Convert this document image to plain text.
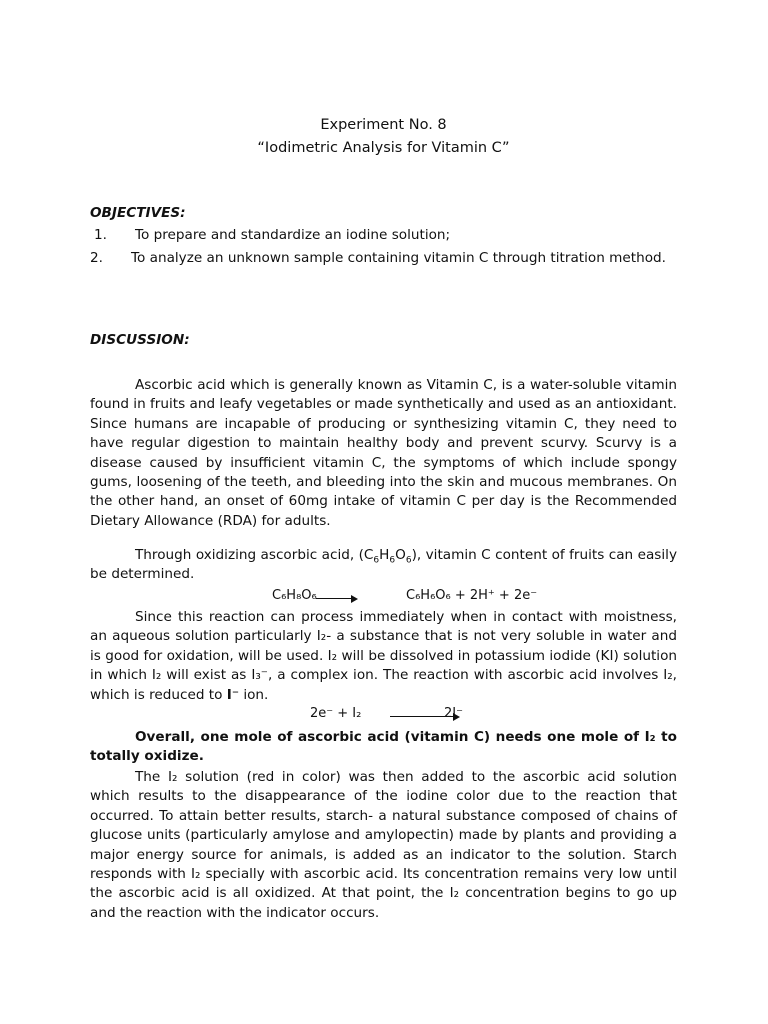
Experiment No. 8
“Iodimetric Analysis for Vitamin C”
OBJECTIVES:
1. To prepare and standardize an iodine solution;
2. To analyze an unknown sample containing vitamin C through titration method.
DISCUSSION:

Ascorbic acid which is generally known as Vitamin C, is a water-soluble vitamin found in fruits and leafy vegetables or made synthetically and used as an antioxidant. Since humans are incapable of producing or synthesizing vitamin C, they need to have regular digestion to maintain healthy body and prevent scurvy. Scurvy is a disease caused by insufficient vitamin C, the symptoms of which include spongy gums, loosening of the teeth, and bleeding into the skin and mucous membranes. On the other hand, an onset of 60mg intake of vitamin C per day is the Recommended Dietary Allowance (RDA) for adults.

Through oxidizing ascorbic acid, $(C_6H_6O_6)$, vitamin C content of fruits can easily be determined.

C₆H₈O₆ →	C₆H₆O₆ + 2H⁺ + 2e⁻

Since this reaction can process immediately when in contact with moistness, an aqueous solution particularly I₂- a substance that is not very soluble in water and is good for oxidation, will be used. I₂ will be dissolved in potassium iodide (KI) solution in which I₂ will exist as I₃⁻, a complex ion. The reaction with ascorbic acid involves I₂, which is reduced to I⁻ ion.

2e⁻ + I₂	2I⁻

Overall, one mole of ascorbic acid (vitamin C) needs one mole of I₂ to totally oxidize.

The I₂ solution (red in color) was then added to the ascorbic acid solution which results to the disappearance of the iodine color due to the reaction that occurred. To attain better results, starch- a natural substance composed of chains of glucose units (particularly amylose and amylopectin) made by plants and providing a major energy source for animals, is added as an indicator to the solution. Starch responds with I₂ specially with ascorbic acid. Its concentration remains very low until the ascorbic acid is all oxidized. At that point, the I₂ concentration begins to go up and the reaction with the indicator occurs.
